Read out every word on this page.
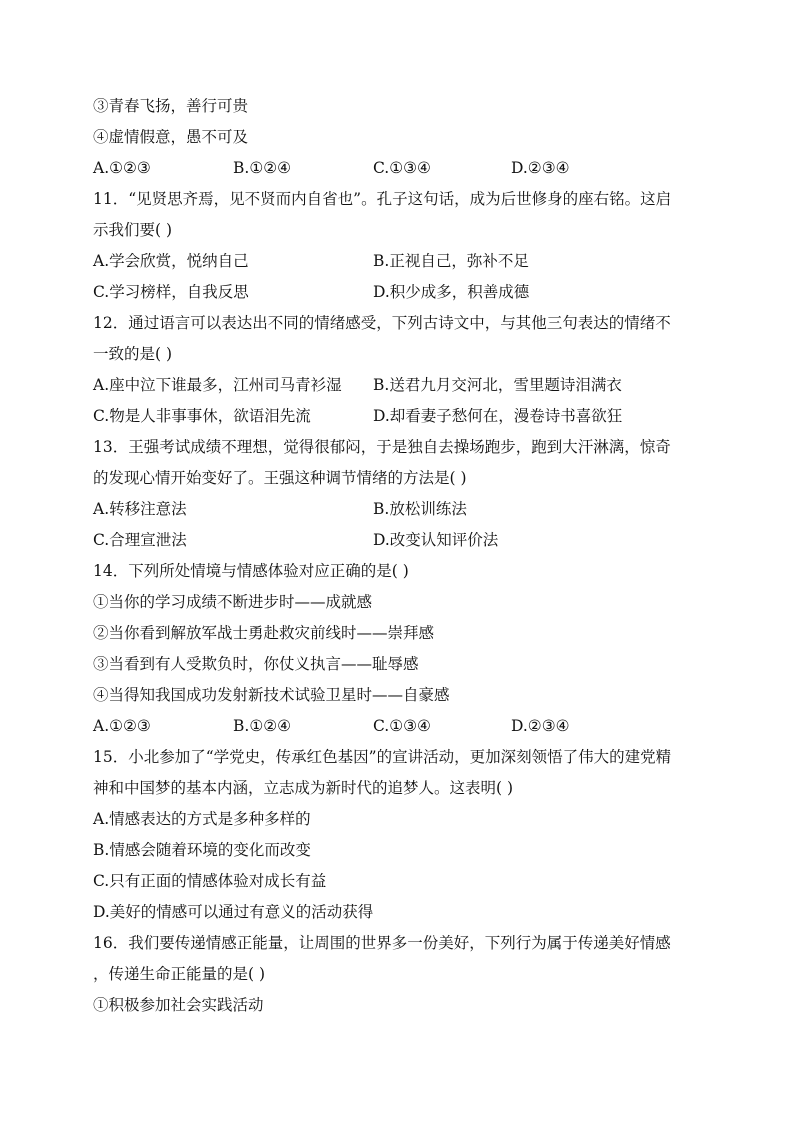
③青春飞扬，善行可贵
④虚情假意，愚不可及
A.①②③	B.①②④	C.①③④	D.②③④
11．“见贤思齐焉，见不贤而内自省也”。孔子这句话，成为后世修身的座右铭。这启
示我们要( )
A.学会欣赏，悦纳自己	B.正视自己，弥补不足
C.学习榜样，自我反思	D.积少成多，积善成德
12．通过语言可以表达出不同的情绪感受，下列古诗文中，与其他三句表达的情绪不
一致的是( )
A.座中泣下谁最多，江州司马青衫湿 B.送君九月交河北，雪里题诗泪满衣
C.物是人非事事休，欲语泪先流	D.却看妻子愁何在，漫卷诗书喜欲狂
13．王强考试成绩不理想，觉得很郁闷，于是独自去操场跑步，跑到大汗淋漓，惊奇
的发现心情开始变好了。王强这种调节情绪的方法是( )
A.转移注意法	B.放松训练法
C.合理宣泄法	D.改变认知评价法
14．下列所处情境与情感体验对应正确的是( )
①当你的学习成绩不断进步时——成就感
②当你看到解放军战士勇赴救灾前线时——崇拜感
③当看到有人受欺负时，你仗义执言——耻辱感
④当得知我国成功发射新技术试验卫星时——自豪感
A.①②③	B.①②④	C.①③④	D.②③④
15．小北参加了“学党史，传承红色基因”的宣讲活动，更加深刻领悟了伟大的建党精
神和中国梦的基本内涵，立志成为新时代的追梦人。这表明( )
A.情感表达的方式是多种多样的
B.情感会随着环境的变化而改变
C.只有正面的情感体验对成长有益
D.美好的情感可以通过有意义的活动获得
16．我们要传递情感正能量，让周围的世界多一份美好，下列行为属于传递美好情感
，传递生命正能量的是( )
①积极参加社会实践活动
